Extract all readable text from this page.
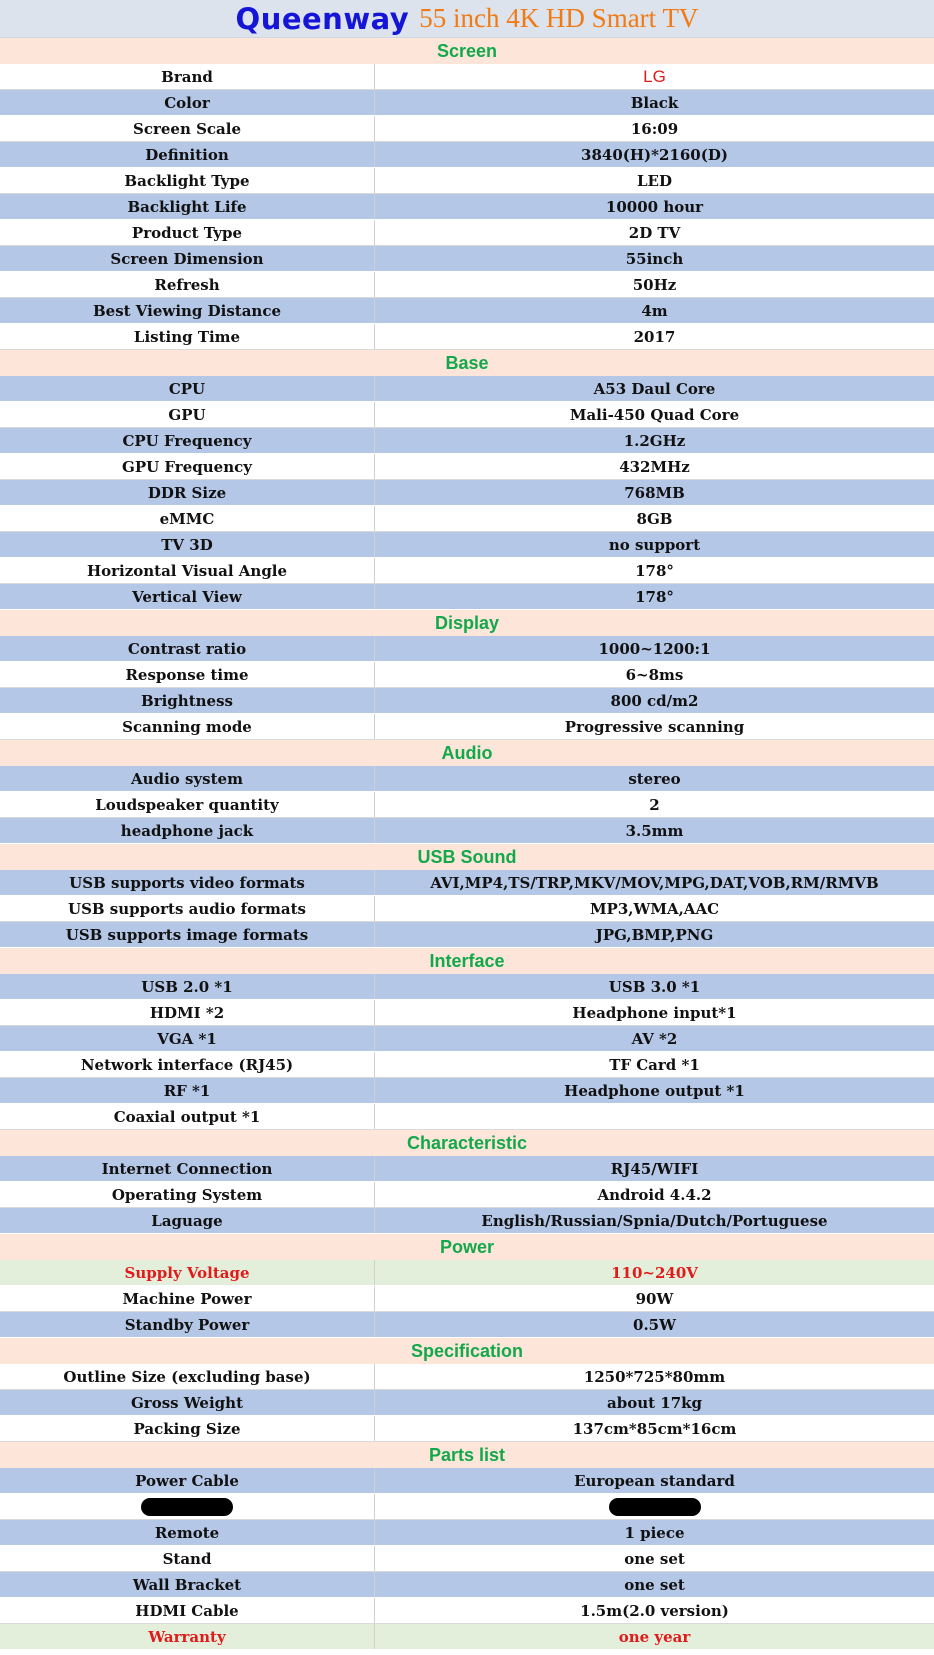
Queenway 55 inch 4K HD Smart TV
Screen
Brand	LG
Color	Black
Screen Scale	16:09
Definition	3840(H)*2160(D)
Backlight Type	LED
Backlight Life	10000 hour
Product Type	2D TV
Screen Dimension	55inch
Refresh	50Hz
Best Viewing Distance	4m
Listing Time	2017
Base
CPU	A53 Daul Core
GPU	Mali-450 Quad Core
CPU Frequency	1.2GHz
GPU Frequency	432MHz
DDR Size	768MB
eMMC	8GB
TV 3D	no support
Horizontal Visual Angle	178°
Vertical View	178°
Display
Contrast ratio	1000~1200:1
Response time	6~8ms
Brightness	800 cd/m2
Scanning mode	Progressive scanning
Audio
Audio system	stereo
Loudspeaker quantity	2
headphone jack	3.5mm
USB Sound
USB supports video formats	AVI,MP4,TS/TRP,MKV/MOV,MPG,DAT,VOB,RM/RMVB
USB supports audio formats	MP3,WMA,AAC
USB supports image formats	JPG,BMP,PNG
Interface
USB 2.0 *1	USB 3.0 *1
HDMI *2	Headphone input*1
VGA *1	AV *2
Network interface (RJ45)	TF Card *1
RF *1	Headphone output *1
Coaxial output *1
Characteristic
Internet Connection	RJ45/WIFI
Operating System	Android 4.4.2
Laguage	English/Russian/Spnia/Dutch/Portuguese
Power
Supply Voltage	110~240V
Machine Power	90W
Standby Power	0.5W
Specification
Outline Size (excluding base)	1250*725*80mm
Gross Weight	about 17kg
Packing Size	137cm*85cm*16cm
Parts list
Power Cable	European standard
Remote	1 piece
Stand	one set
Wall Bracket	one set
HDMI Cable	1.5m(2.0 version)
Warranty	one year
